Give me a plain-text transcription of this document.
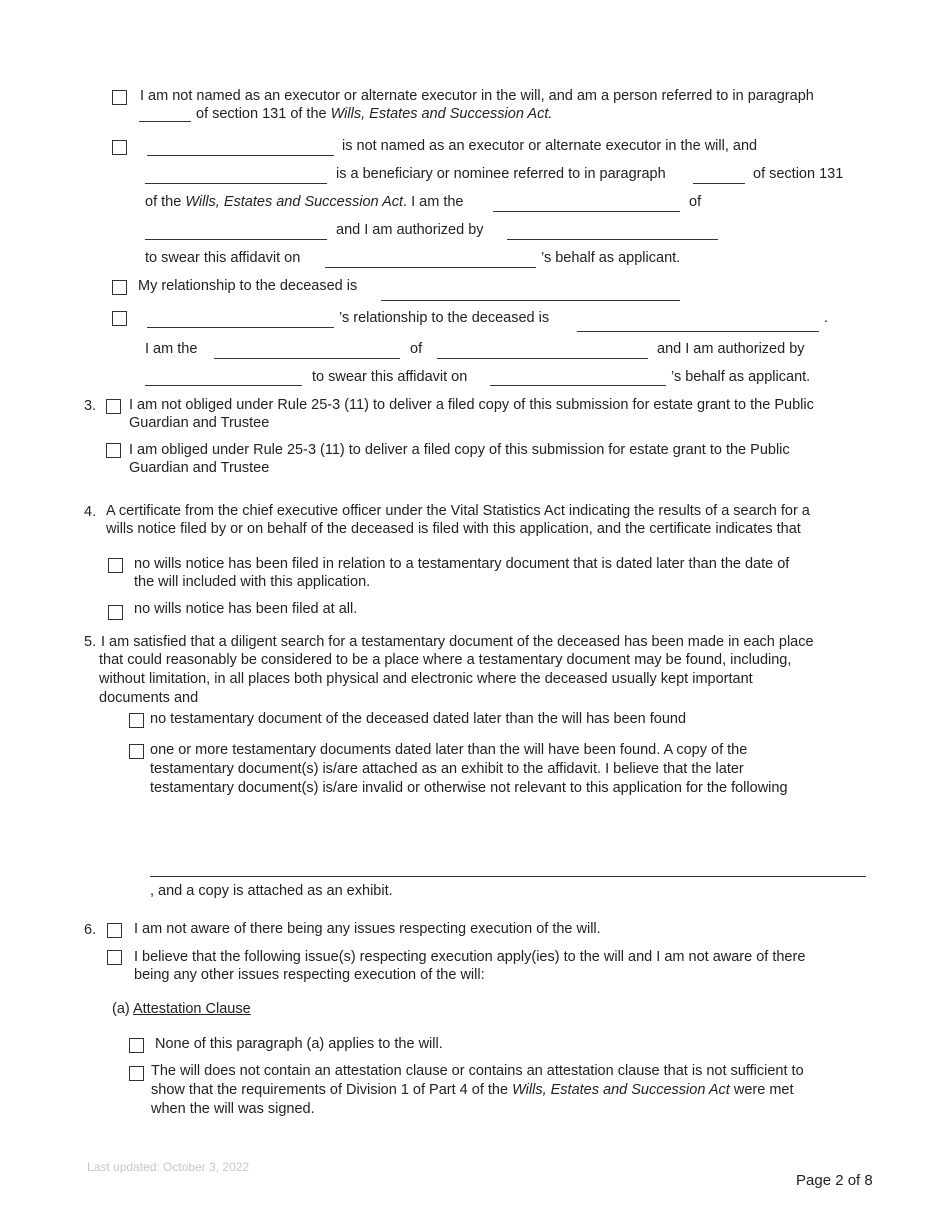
I am not named as an executor or alternate executor in the will, and am a person referred to in paragraph
of section 131 of the Wills, Estates and Succession Act.
is not named as an executor or alternate executor in the will, and
is a beneficiary or nominee referred to in paragraph	of section 131
of the Wills, Estates and Succession Act. I am the	of
and I am authorized by
to swear this affidavit on	’s behalf as applicant.
My relationship to the deceased is
’s relationship to the deceased is	.
I am the	of	and I am authorized by
to swear this affidavit on	’s behalf as applicant.
3. I am not obliged under Rule 25-3 (11) to deliver a filed copy of this submission for estate grant to the Public
Guardian and Trustee
I am obliged under Rule 25-3 (11) to deliver a filed copy of this submission for estate grant to the Public
Guardian and Trustee
4. A certificate from the chief executive officer under the Vital Statistics Act indicating the results of a search for a
wills notice filed by or on behalf of the deceased is filed with this application, and the certificate indicates that
no wills notice has been filed in relation to a testamentary document that is dated later than the date of
the will included with this application.
no wills notice has been filed at all.
5. I am satisfied that a diligent search for a testamentary document of the deceased has been made in each place
that could reasonably be considered to be a place where a testamentary document may be found, including,
without limitation, in all places both physical and electronic where the deceased usually kept important
documents and
no testamentary document of the deceased dated later than the will has been found
one or more testamentary documents dated later than the will have been found. A copy of the
testamentary document(s) is/are attached as an exhibit to the affidavit. I believe that the later
testamentary document(s) is/are invalid or otherwise not relevant to this application for the following
, and a copy is attached as an exhibit.
6.	I am not aware of there being any issues respecting execution of the will.
I believe that the following issue(s) respecting execution apply(ies) to the will and I am not aware of there
being any other issues respecting execution of the will:
(a) Attestation Clause
None of this paragraph (a) applies to the will.
The will does not contain an attestation clause or contains an attestation clause that is not sufficient to
show that the requirements of Division 1 of Part 4 of the Wills, Estates and Succession Act were met
when the will was signed.
Last updated: October 3, 2022
Page 2 of 8
